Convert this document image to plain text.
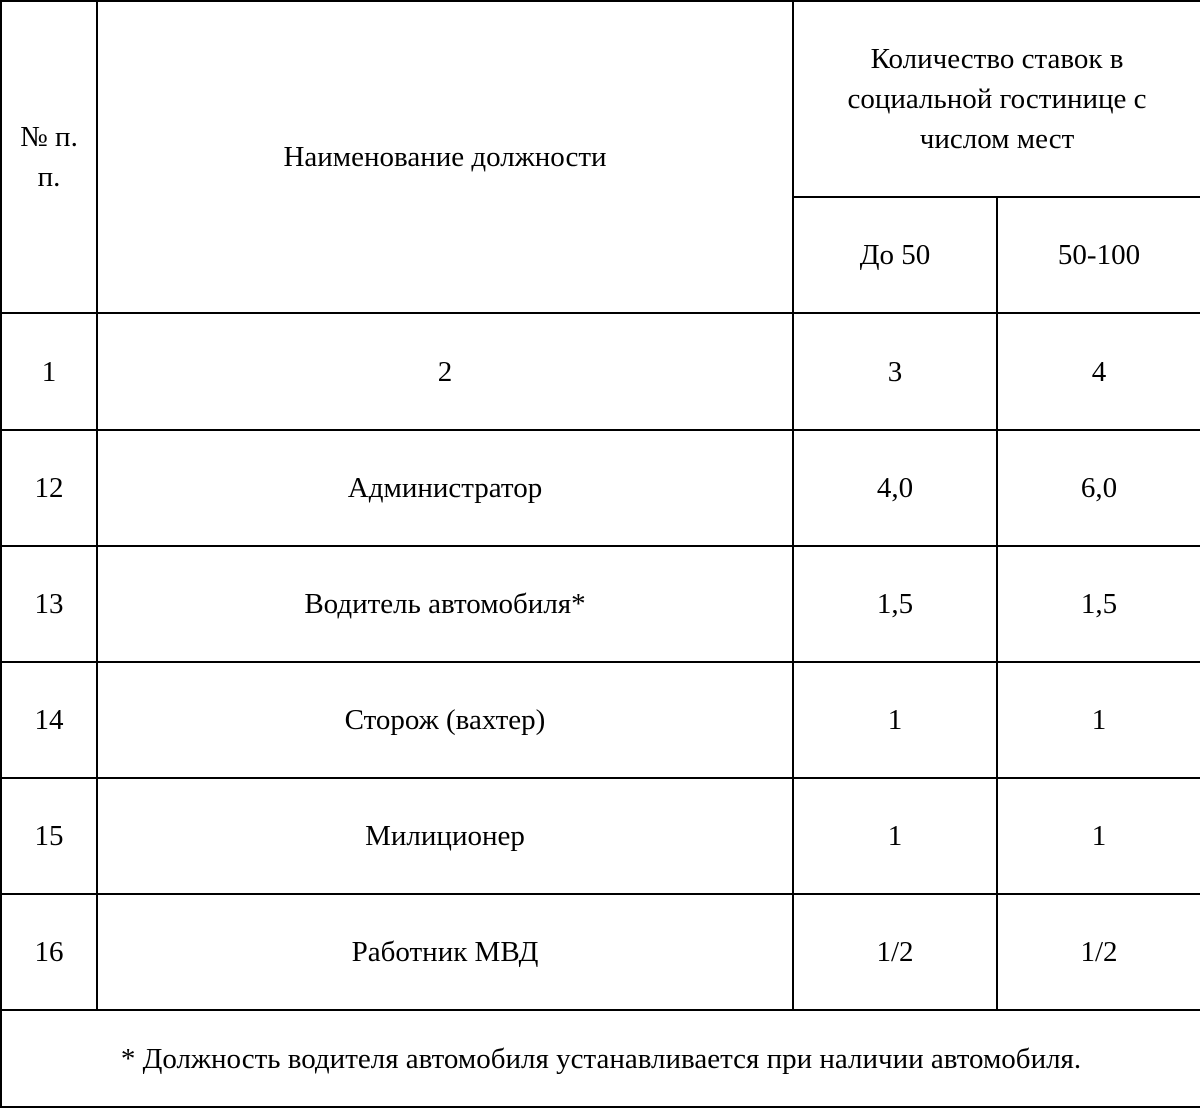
№ п. п.	Наименование должности	Количество ставок в социальной гостинице с числом мест	

		До 50	50-100
1	2	3	4
12	Администратор	4,0	6,0
13	Водитель автомобиля*	1,5	1,5
14	Сторож (вахтер)	1	1
15	Милиционер	1	1
16	Работник МВД	1/2	1/2
* Должность водителя автомобиля устанавливается при наличии автомобиля.			
